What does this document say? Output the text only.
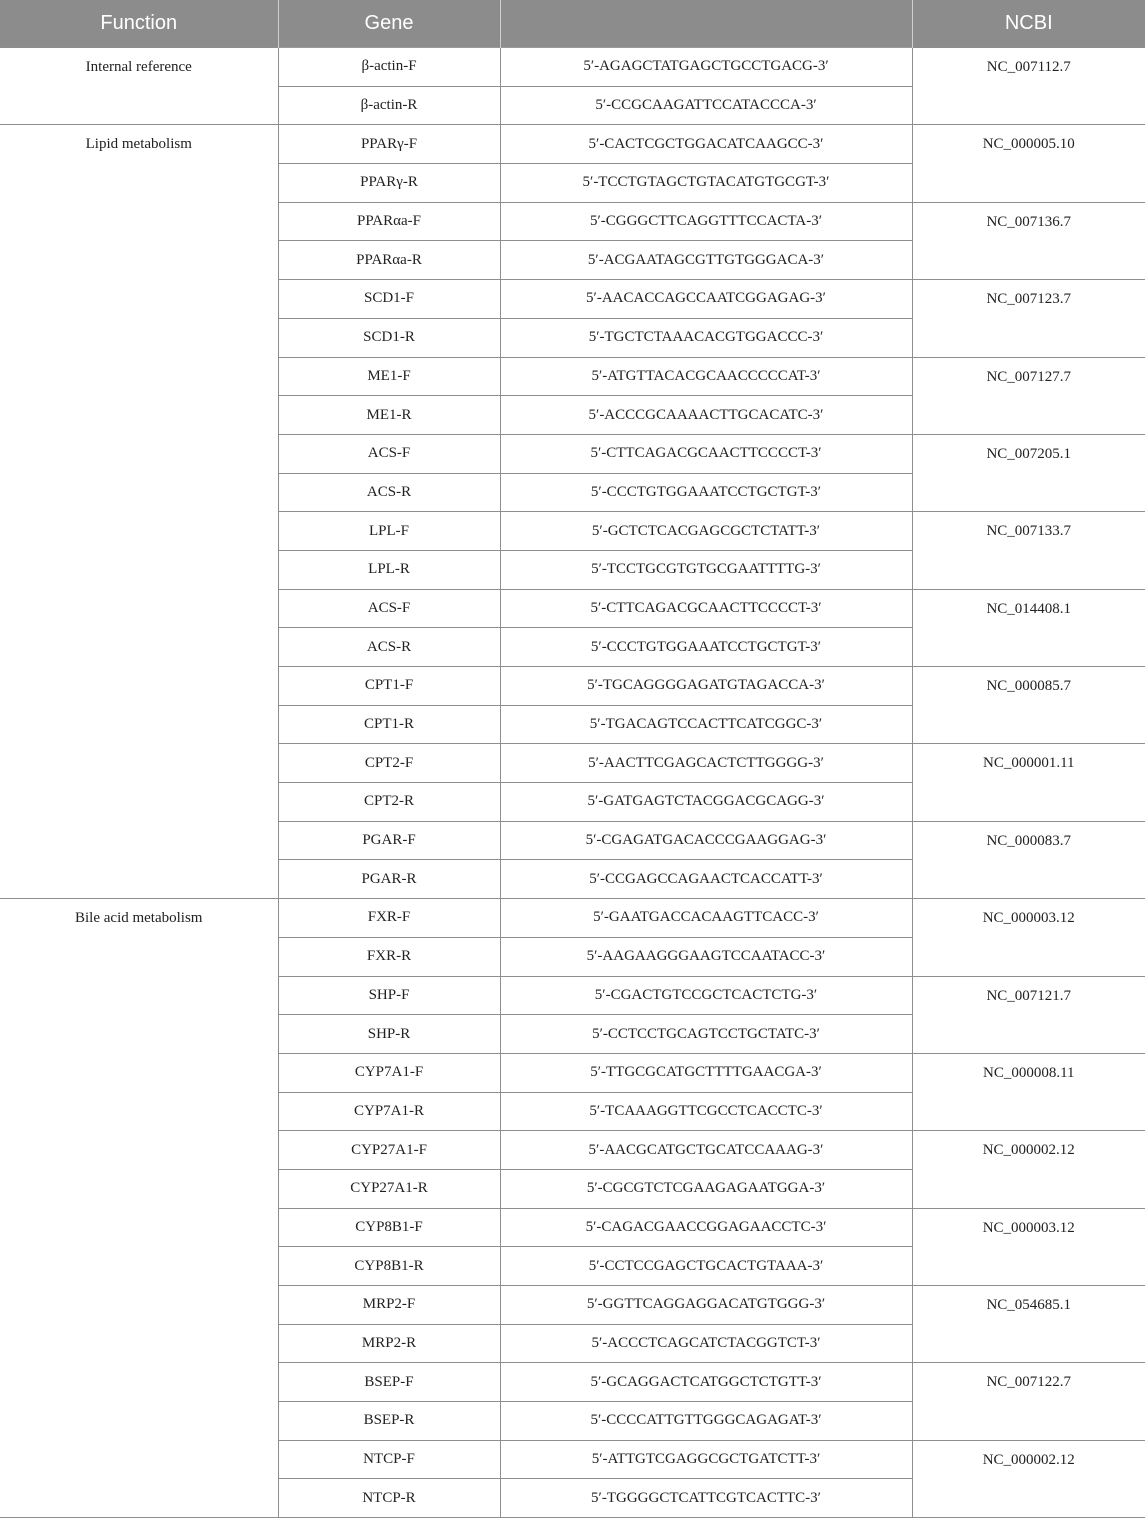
Function	Gene		NCBI
Internal reference	β-actin-F	5′-AGAGCTATGAGCTGCCTGACG-3′	NC_007112.7
	β-actin-R	5′-CCGCAAGATTCCATACCCA-3′	
Lipid metabolism	PPARγ-F	5′-CACTCGCTGGACATCAAGCC-3′	NC_000005.10
	PPARγ-R	5′-TCCTGTAGCTGTACATGTGCGT-3′	
	PPARαa-F	5′-CGGGCTTCAGGTTTCCACTA-3′	NC_007136.7
	PPARαa-R	5′-ACGAATAGCGTTGTGGGACA-3′	
	SCD1-F	5′-AACACCAGCCAATCGGAGAG-3′	NC_007123.7
	SCD1-R	5′-TGCTCTAAACACGTGGACCC-3′	
	ME1-F	5′-ATGTTACACGCAACCCCCAT-3′	NC_007127.7
	ME1-R	5′-ACCCGCAAAACTTGCACATC-3′	
	ACS-F	5′-CTTCAGACGCAACTTCCCCT-3′	NC_007205.1
	ACS-R	5′-CCCTGTGGAAATCCTGCTGT-3′	
	LPL-F	5′-GCTCTCACGAGCGCTCTATT-3′	NC_007133.7
	LPL-R	5′-TCCTGCGTGTGCGAATTTTG-3′	
	ACS-F	5′-CTTCAGACGCAACTTCCCCT-3′	NC_014408.1
	ACS-R	5′-CCCTGTGGAAATCCTGCTGT-3′	
	CPT1-F	5′-TGCAGGGGAGATGTAGACCA-3′	NC_000085.7
	CPT1-R	5′-TGACAGTCCACTTCATCGGC-3′	
	CPT2-F	5′-AACTTCGAGCACTCTTGGGG-3′	NC_000001.11
	CPT2-R	5′-GATGAGTCTACGGACGCAGG-3′	
	PGAR-F	5′-CGAGATGACACCCGAAGGAG-3′	NC_000083.7
	PGAR-R	5′-CCGAGCCAGAACTCACCATT-3′	
Bile acid metabolism	FXR-F	5′-GAATGACCACAAGTTCACC-3′	NC_000003.12
	FXR-R	5′-AAGAAGGGAAGTCCAATACC-3′	
	SHP-F	5′-CGACTGTCCGCTCACTCTG-3′	NC_007121.7
	SHP-R	5′-CCTCCTGCAGTCCTGCTATC-3′	
	CYP7A1-F	5′-TTGCGCATGCTTTTGAACGA-3′	NC_000008.11
	CYP7A1-R	5′-TCAAAGGTTCGCCTCACCTC-3′	
	CYP27A1-F	5′-AACGCATGCTGCATCCAAAG-3′	NC_000002.12
	CYP27A1-R	5′-CGCGTCTCGAAGAGAATGGA-3′	
	CYP8B1-F	5′-CAGACGAACCGGAGAACCTC-3′	NC_000003.12
	CYP8B1-R	5′-CCTCCGAGCTGCACTGTAAA-3′	
	MRP2-F	5′-GGTTCAGGAGGACATGTGGG-3′	NC_054685.1
	MRP2-R	5′-ACCCTCAGCATCTACGGTCT-3′	
	BSEP-F	5′-GCAGGACTCATGGCTCTGTT-3′	NC_007122.7
	BSEP-R	5′-CCCCATTGTTGGGCAGAGAT-3′	
	NTCP-F	5′-ATTGTCGAGGCGCTGATCTT-3′	NC_000002.12
	NTCP-R	5′-TGGGGCTCATTCGTCACTTC-3′	
